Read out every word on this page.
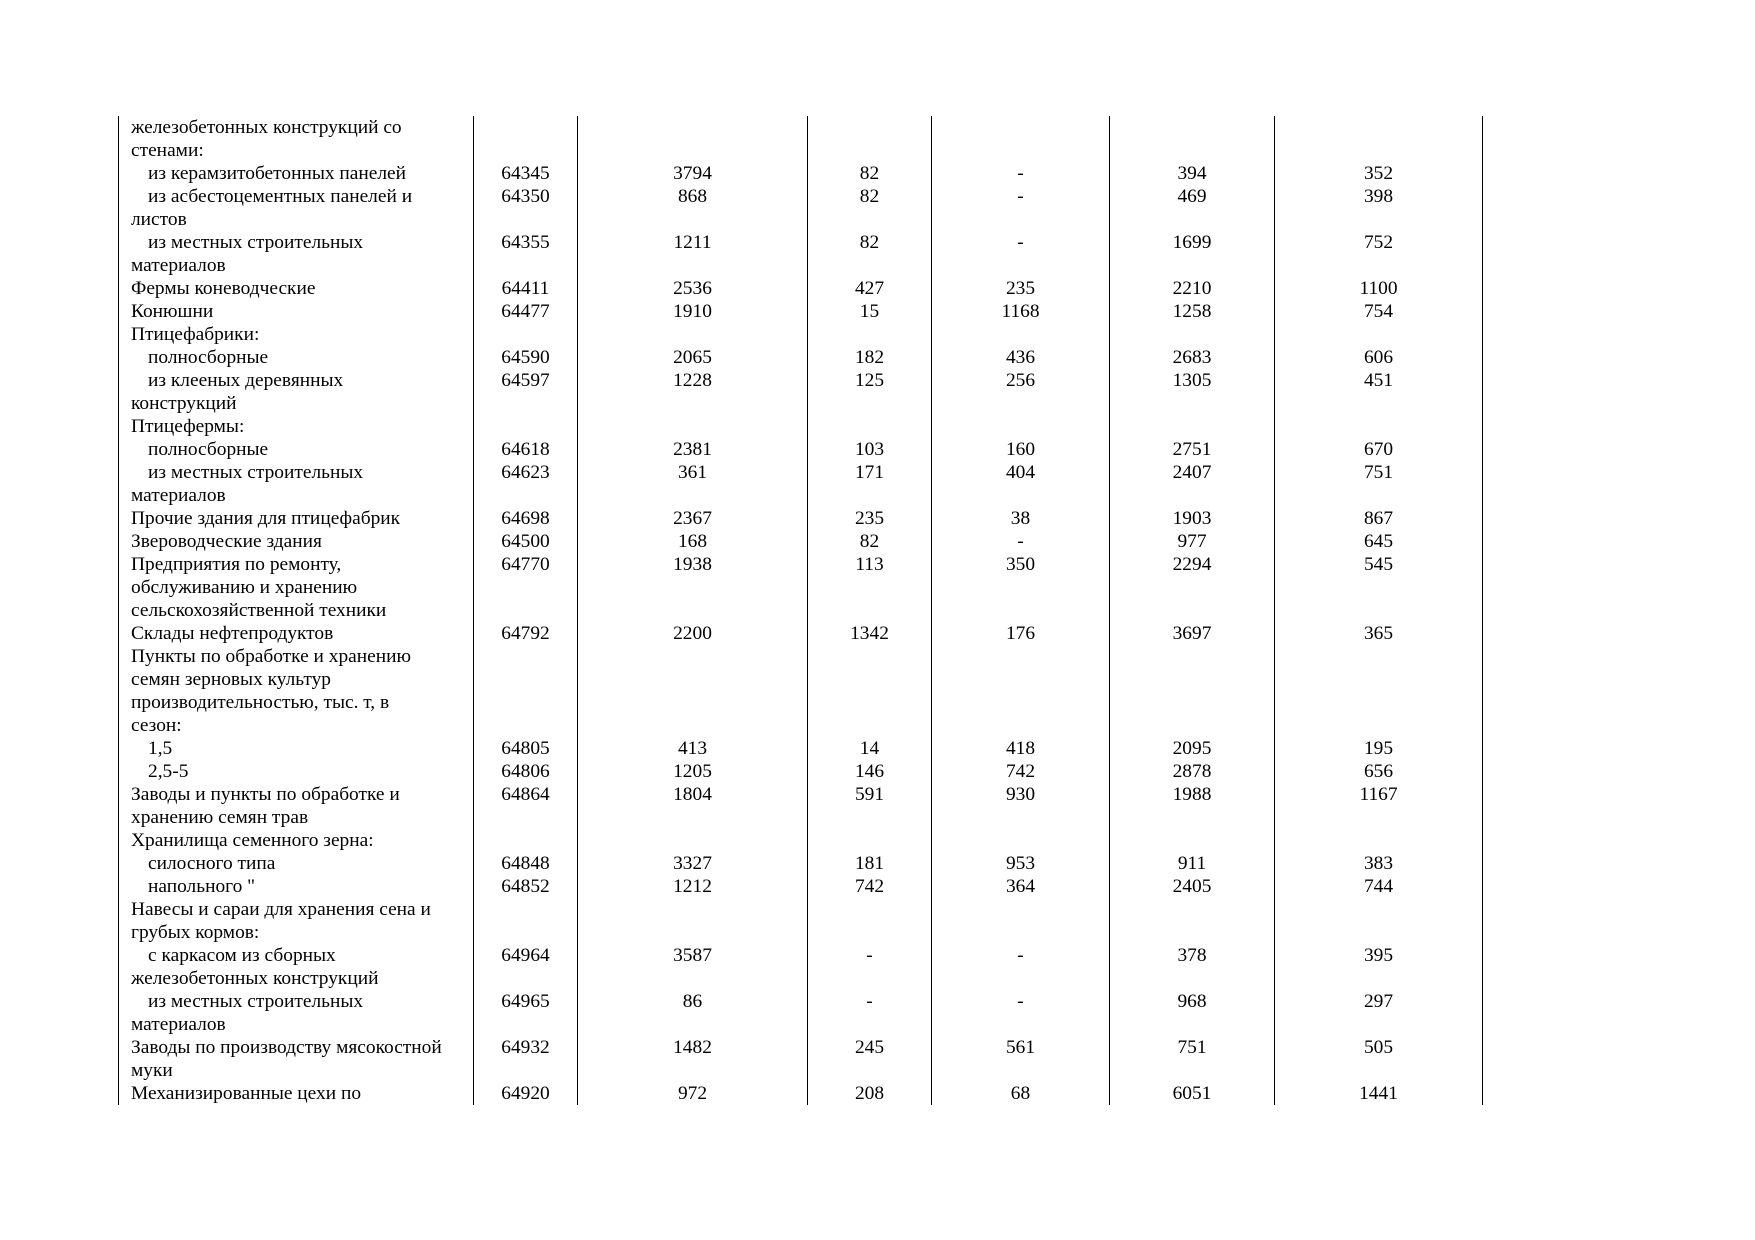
железобетонных конструкций со						
стенами:						
из керамзитобетонных панелей	64345	3794	82	-	394	352
из асбестоцементных панелей и	64350	868	82	-	469	398
листов						
из местных строительных	64355	1211	82	-	1699	752
материалов						
Фермы коневодческие	64411	2536	427	235	2210	1100
Конюшни	64477	1910	15	1168	1258	754
Птицефабрики:						
полносборные	64590	2065	182	436	2683	606
из клееных деревянных	64597	1228	125	256	1305	451
конструкций						
Птицефермы:						
полносборные	64618	2381	103	160	2751	670
из местных строительных	64623	361	171	404	2407	751
материалов						
Прочие здания для птицефабрик	64698	2367	235	38	1903	867
Звероводческие здания	64500	168	82	-	977	645
Предприятия по ремонту,	64770	1938	113	350	2294	545
обслуживанию и хранению						
сельскохозяйственной техники						
Склады нефтепродуктов	64792	2200	1342	176	3697	365
Пункты по обработке и хранению						
семян зерновых культур						
производительностью, тыс. т, в						
сезон:						
1,5	64805	413	14	418	2095	195
2,5-5	64806	1205	146	742	2878	656
Заводы и пункты по обработке и	64864	1804	591	930	1988	1167
хранению семян трав						
Хранилища семенного зерна:						
силосного типа	64848	3327	181	953	911	383
напольного "	64852	1212	742	364	2405	744
Навесы и сараи для хранения сена и						
грубых кормов:						
с каркасом из сборных	64964	3587	-	-	378	395
железобетонных конструкций						
из местных строительных	64965	86	-	-	968	297
материалов						
Заводы по производству мясокостной	64932	1482	245	561	751	505
муки						
Механизированные цехи по	64920	972	208	68	6051	1441
